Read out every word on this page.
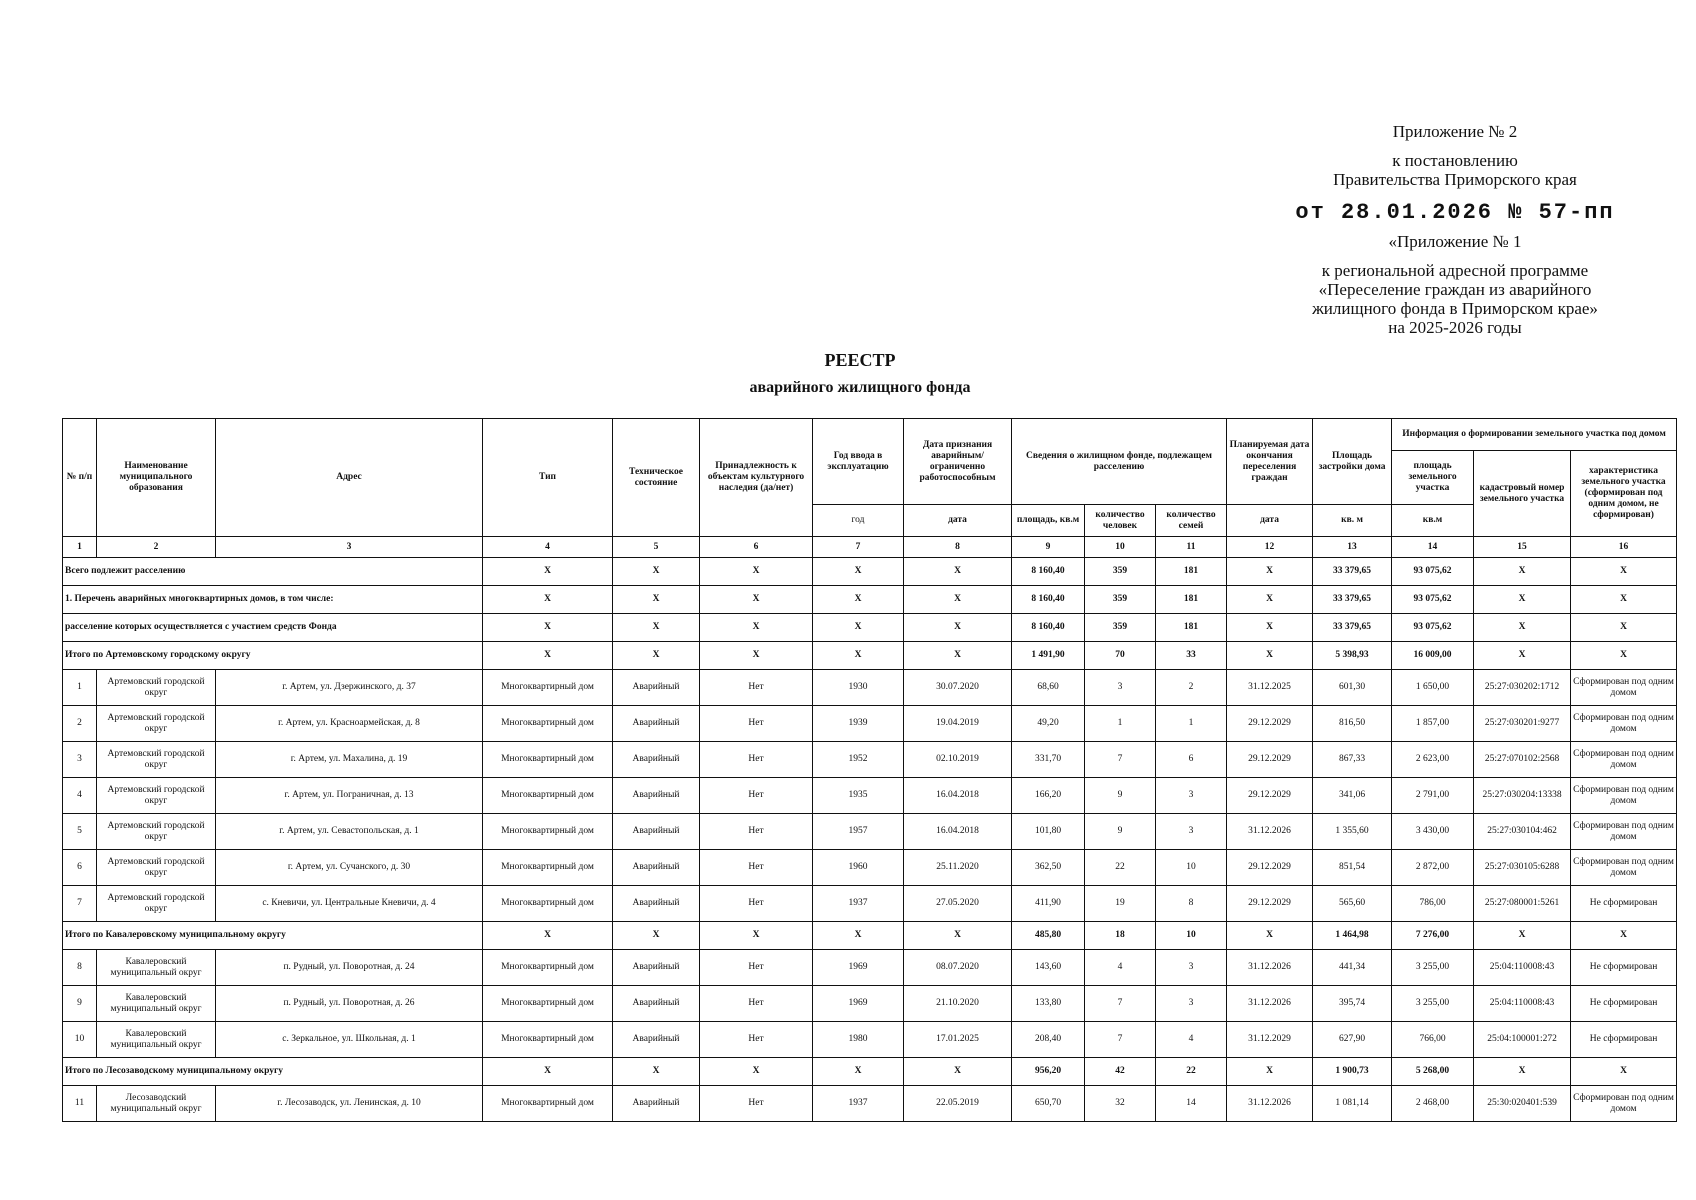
Приложение № 2
к постановлению
Правительства Приморского края
от 28.01.2026 № 57-пп
«Приложение № 1
к региональной адресной программе
«Переселение граждан из аварийного
жилищного фонда в Приморском крае»
на 2025-2026 годы
РЕЕСТР
аварийного жилищного фонда
№ п/п	Наименование муниципального образования	Адрес	Тип	Техническое состояние	Принадлежность к объектам культурного наследия (да/нет)	Год ввода в эксплуатацию	Дата признания аварийным/ ограниченно работоспособным	Сведения о жилищном фонде, подлежащем расселению			Планируемая дата окончания переселения граждан	Площадь застройки дома	Информация о формировании земельного участка под домом		
													площадь земельного участка	кадастровый номер земельного участка	характеристика земельного участка (сформирован под одним домом, не сформирован)
						год	дата	площадь, кв.м	количество человек	количество семей	дата	кв. м	кв.м		
1	2	3	4	5	6	7	8	9	10	11	12	13	14	15	16
Всего подлежит расселению			X	X	X	X	X	8 160,40	359	181	X	33 379,65	93 075,62	X	X
1. Перечень аварийных многоквартирных домов, в том числе:			X	X	X	X	X	8 160,40	359	181	X	33 379,65	93 075,62	X	X
расселение которых осуществляется с участием средств Фонда			X	X	X	X	X	8 160,40	359	181	X	33 379,65	93 075,62	X	X
Итого по Артемовскому городскому округу			X	X	X	X	X	1 491,90	70	33	X	5 398,93	16 009,00	X	X
1	Артемовский городской округ	г. Артем, ул. Дзержинского, д. 37	Многоквартирный дом	Аварийный	Нет	1930	30.07.2020	68,60	3	2	31.12.2025	601,30	1 650,00	25:27:030202:1712	Сформирован под одним домом
2	Артемовский городской округ	г. Артем, ул. Красноармейская, д. 8	Многоквартирный дом	Аварийный	Нет	1939	19.04.2019	49,20	1	1	29.12.2029	816,50	1 857,00	25:27:030201:9277	Сформирован под одним домом
3	Артемовский городской округ	г. Артем, ул. Махалина, д. 19	Многоквартирный дом	Аварийный	Нет	1952	02.10.2019	331,70	7	6	29.12.2029	867,33	2 623,00	25:27:070102:2568	Сформирован под одним домом
4	Артемовский городской округ	г. Артем, ул. Пограничная, д. 13	Многоквартирный дом	Аварийный	Нет	1935	16.04.2018	166,20	9	3	29.12.2029	341,06	2 791,00	25:27:030204:13338	Сформирован под одним домом
5	Артемовский городской округ	г. Артем, ул. Севастопольская, д. 1	Многоквартирный дом	Аварийный	Нет	1957	16.04.2018	101,80	9	3	31.12.2026	1 355,60	3 430,00	25:27:030104:462	Сформирован под одним домом
6	Артемовский городской округ	г. Артем, ул. Сучанского, д. 30	Многоквартирный дом	Аварийный	Нет	1960	25.11.2020	362,50	22	10	29.12.2029	851,54	2 872,00	25:27:030105:6288	Сформирован под одним домом
7	Артемовский городской округ	с. Кневичи, ул. Центральные Кневичи, д. 4	Многоквартирный дом	Аварийный	Нет	1937	27.05.2020	411,90	19	8	29.12.2029	565,60	786,00	25:27:080001:5261	Не сформирован
Итого по Кавалеровскому муниципальному округу			X	X	X	X	X	485,80	18	10	X	1 464,98	7 276,00	X	X
8	Кавалеровский муниципальный округ	п. Рудный, ул. Поворотная, д. 24	Многоквартирный дом	Аварийный	Нет	1969	08.07.2020	143,60	4	3	31.12.2026	441,34	3 255,00	25:04:110008:43	Не сформирован
9	Кавалеровский муниципальный округ	п. Рудный, ул. Поворотная, д. 26	Многоквартирный дом	Аварийный	Нет	1969	21.10.2020	133,80	7	3	31.12.2026	395,74	3 255,00	25:04:110008:43	Не сформирован
10	Кавалеровский муниципальный округ	с. Зеркальное, ул. Школьная, д. 1	Многоквартирный дом	Аварийный	Нет	1980	17.01.2025	208,40	7	4	31.12.2029	627,90	766,00	25:04:100001:272	Не сформирован
Итого по Лесозаводскому муниципальному округу			X	X	X	X	X	956,20	42	22	X	1 900,73	5 268,00	X	X
11	Лесозаводский муниципальный округ	г. Лесозаводск, ул. Ленинская, д. 10	Многоквартирный дом	Аварийный	Нет	1937	22.05.2019	650,70	32	14	31.12.2026	1 081,14	2 468,00	25:30:020401:539	Сформирован под одним домом
